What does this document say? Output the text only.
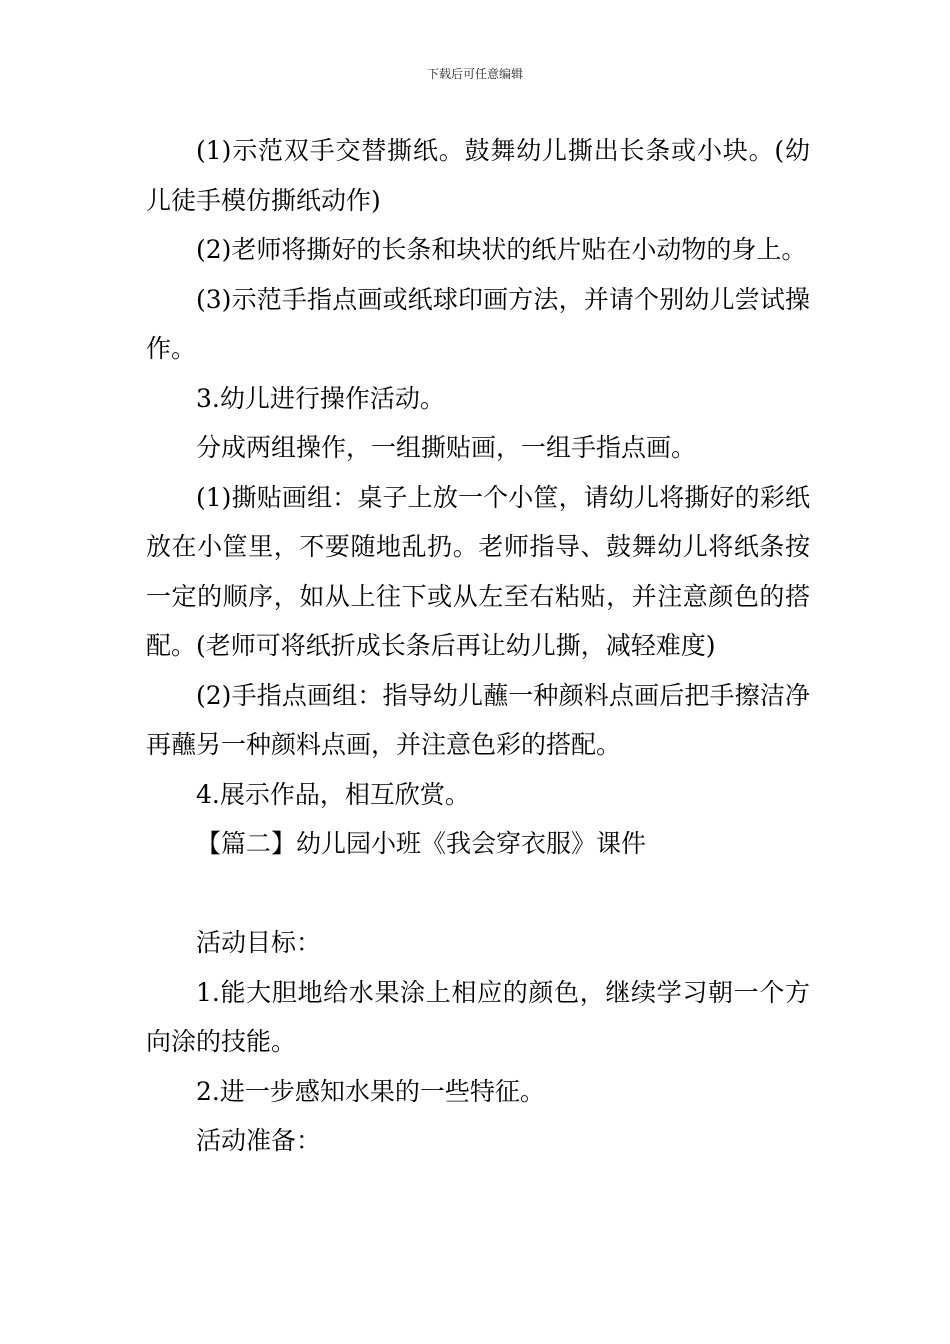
下载后可任意编辑

(1)示范双手交替撕纸。鼓舞幼儿撕出长条或小块。(幼儿徒手模仿撕纸动作)

(2)老师将撕好的长条和块状的纸片贴在小动物的身上。

(3)示范手指点画或纸球印画方法，并请个别幼儿尝试操作。

3.幼儿进行操作活动。

分成两组操作，一组撕贴画，一组手指点画。

(1)撕贴画组：桌子上放一个小筐，请幼儿将撕好的彩纸放在小筐里，不要随地乱扔。老师指导、鼓舞幼儿将纸条按一定的顺序，如从上往下或从左至右粘贴，并注意颜色的搭配。(老师可将纸折成长条后再让幼儿撕，减轻难度)

(2)手指点画组：指导幼儿蘸一种颜料点画后把手擦洁净再蘸另一种颜料点画，并注意色彩的搭配。

4.展示作品，相互欣赏。

【篇二】幼儿园小班《我会穿衣服》课件

活动目标：

1.能大胆地给水果涂上相应的颜色，继续学习朝一个方向涂的技能。

2.进一步感知水果的一些特征。

活动准备：
